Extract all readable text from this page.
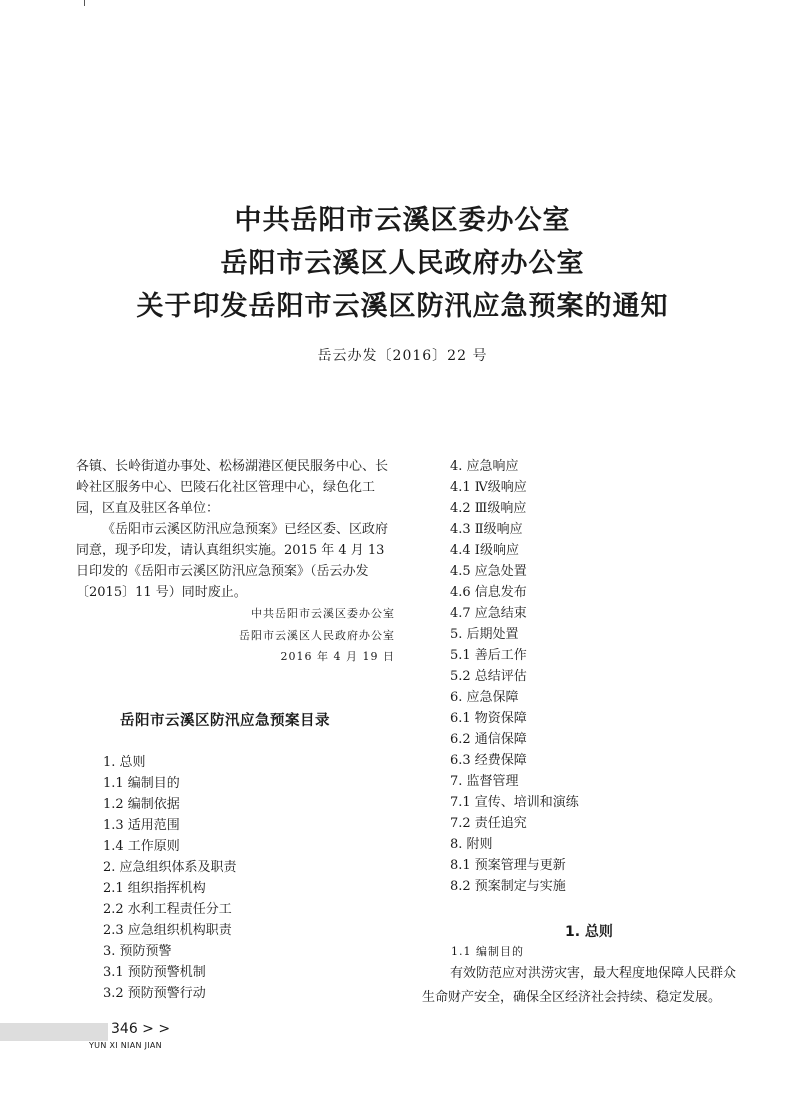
中共岳阳市云溪区委办公室
岳阳市云溪区人民政府办公室
关于印发岳阳市云溪区防汛应急预案的通知
岳云办发〔2016〕22 号

各镇、长岭街道办事处、松杨湖港区便民服务中心、长岭社区服务中心、巴陵石化社区管理中心，绿色化工园，区直及驻区各单位：

《岳阳市云溪区防汛应急预案》已经区委、区政府同意，现予印发，请认真组织实施。2015 年 4 月 13 日印发的《岳阳市云溪区防汛应急预案》（岳云办发〔2015〕11 号）同时废止。

中共岳阳市云溪区委办公室
岳阳市云溪区人民政府办公室
2016 年 4 月 19 日
岳阳市云溪区防汛应急预案目录
1. 总则
1.1 编制目的
1.2 编制依据
1.3 适用范围
1.4 工作原则
2. 应急组织体系及职责
2.1 组织指挥机构
2.2 水利工程责任分工
2.3 应急组织机构职责
3. 预防预警
3.1 预防预警机制
3.2 预防预警行动
4. 应急响应
4.1 Ⅳ级响应
4.2 Ⅲ级响应
4.3 Ⅱ级响应
4.4 Ⅰ级响应
4.5 应急处置
4.6 信息发布
4.7 应急结束
5. 后期处置
5.1 善后工作
5.2 总结评估
6. 应急保障
6.1 物资保障
6.2 通信保障
6.3 经费保障
7. 监督管理
7.1 宣传、培训和演练
7.2 责任追究
8. 附则
8.1 预案管理与更新
8.2 预案制定与实施
1. 总则
1.1 编制目的
有效防范应对洪涝灾害，最大程度地保障人民群众生命财产安全，确保全区经济社会持续、稳定发展。
346 > >
YUN XI NIAN JIAN
